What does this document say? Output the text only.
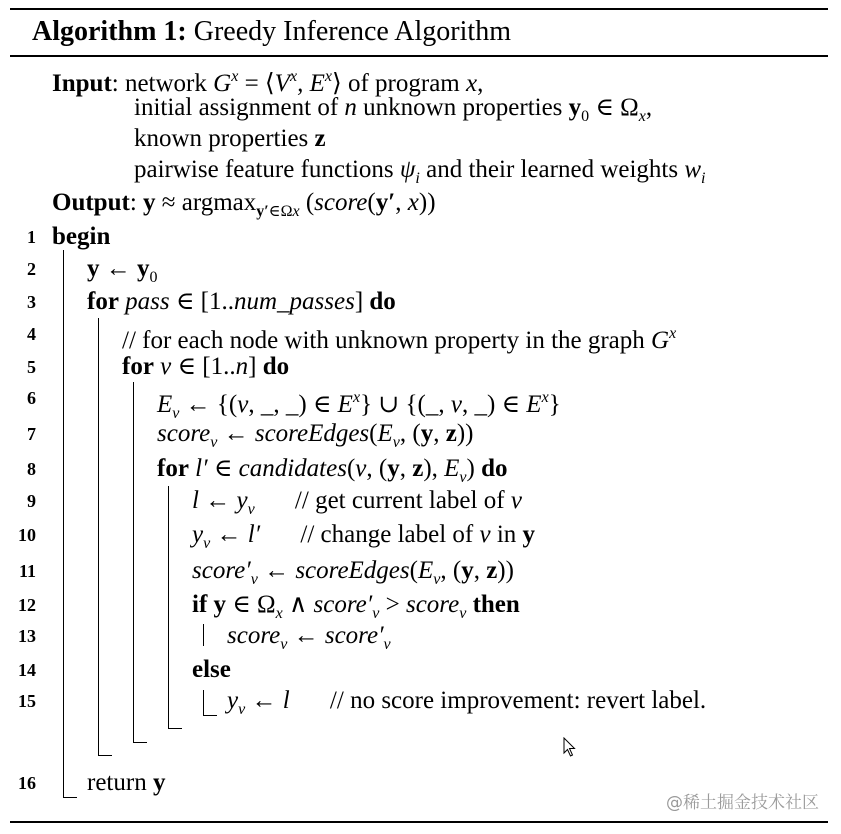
Algorithm 1: Greedy Inference Algorithm
Input: network $G^x$ = $⟨V^x$, $E^x⟩$ of program x,
initial assignment of n unknown properties $y_0$ ∈ $\Omega_x$,
known properties z
pairwise feature functions $\psi_i$ and their learned weights $w_i$
Output: y ≈ argmax$_{y'\in\Omega x}$ (score(y′, x))
1
2
3
4
5
6
7
8
9
10
11
12
13
14
15
16
begin
y ← $y_0$
for pass ∈ [1..num_passes] do
// for each node with unknown property in the graph $G^x$
for v ∈ [1..n] do
$E_v$ ← {(v, _, _) ∈ $E^x$} ∪ {(_, v, _) ∈ $E^x$}
score$_v$ ← $scoreEdges(E_v$, (y, z))
for l′ ∈ candidates(v, (y, z), $E_v$) do
l ← $y_v$ // get current label of v
$y_v$ ← l′ // change label of v in y
$score'_v$ ← $scoreEdges(E_v$, (y, z))
if y ∈ $\Omega_x$ ∧ $score'_v$ > score$_v$ then
score$_v$ ← $score'_v$
else
$y_v$ ← l // no score improvement: revert label.
return y
@稀土掘金技术社区
